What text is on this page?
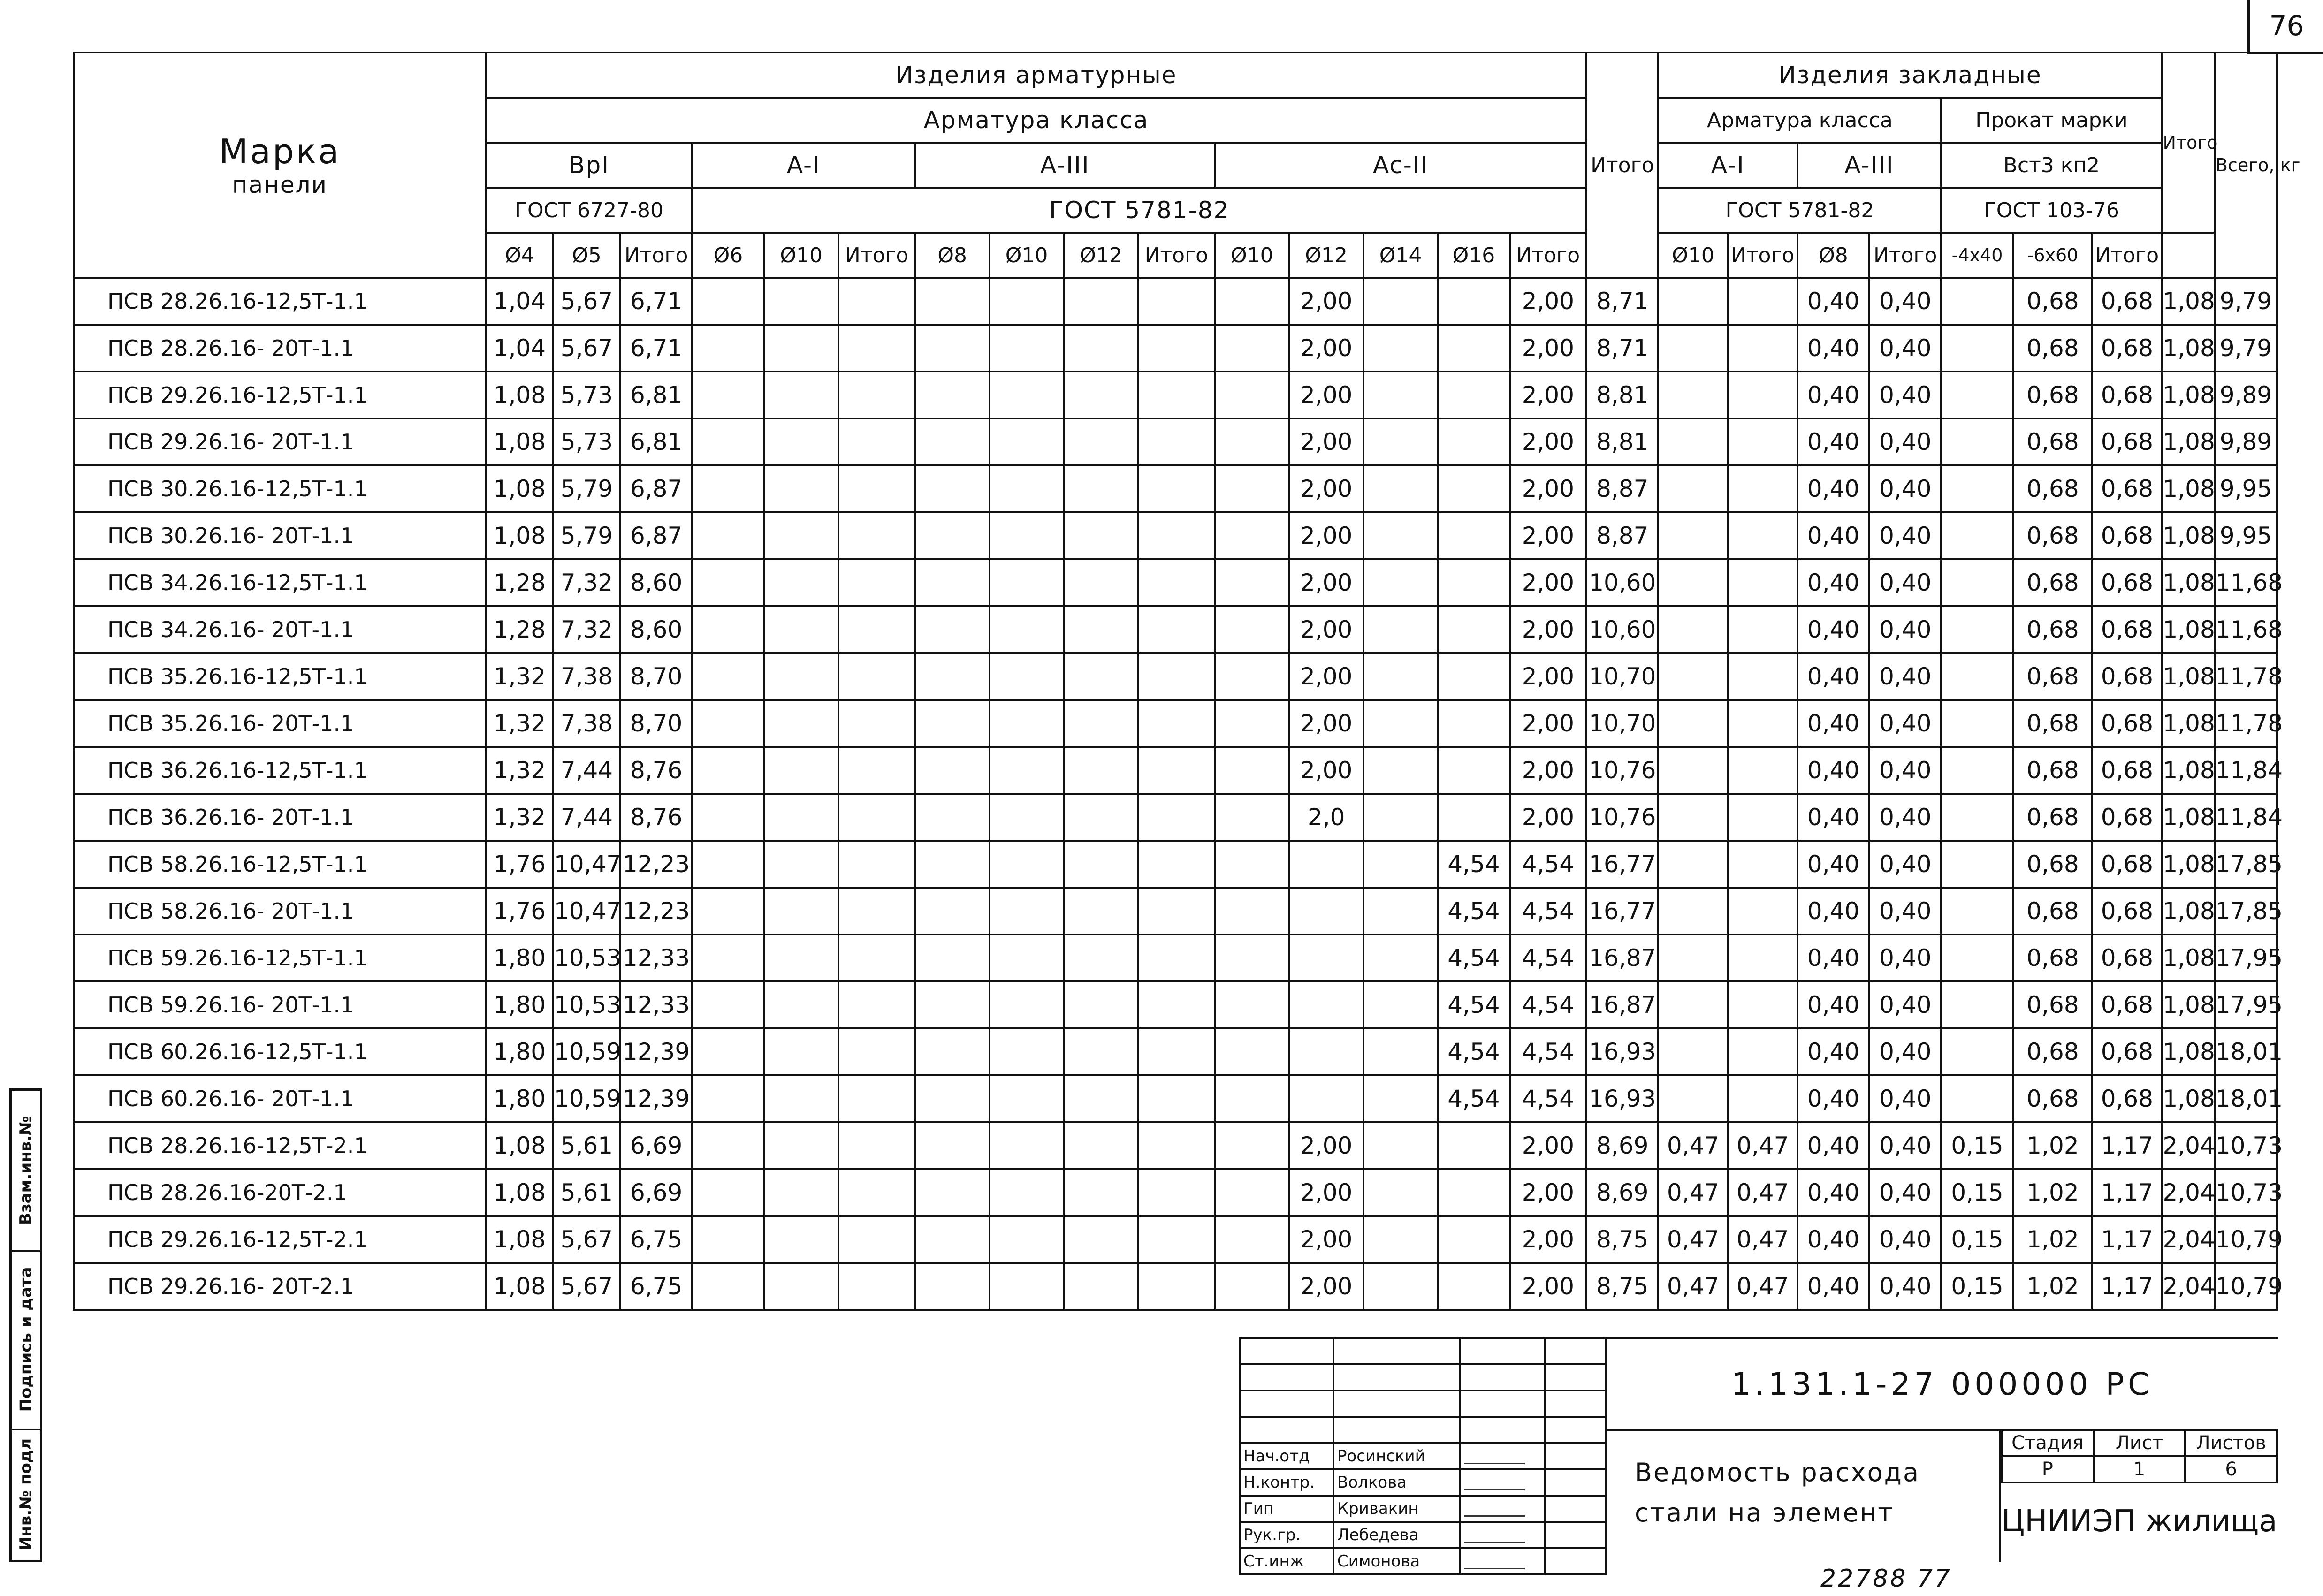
76
Марка
панели	Изделия арматурные															Итого	Изделия закладные							Итого	Всего, кг
	Арматура класса																Арматура класса				Прокат марки				
	BpI			A-I			A-III				Ac-II						A-I		A-III		Вст3 кп2				
	ГОСТ 6727-80			ГОСТ 5781-82													ГОСТ 5781-82				ГОСТ 103-76				
	Ø4	Ø5	Итого	Ø6	Ø10	Итого	Ø8	Ø10	Ø12	Итого	Ø10	Ø12	Ø14	Ø16	Итого		Ø10	Итого	Ø8	Итого	-4x40	-6x60	Итого		
ПСВ 28.26.16-12,5Т-1.1	1,04	5,67	6,71									2,00			2,00	8,71			0,40	0,40		0,68	0,68	1,08	9,79
ПСВ 28.26.16- 20Т-1.1	1,04	5,67	6,71									2,00			2,00	8,71			0,40	0,40		0,68	0,68	1,08	9,79
ПСВ 29.26.16-12,5Т-1.1	1,08	5,73	6,81									2,00			2,00	8,81			0,40	0,40		0,68	0,68	1,08	9,89
ПСВ 29.26.16- 20Т-1.1	1,08	5,73	6,81									2,00			2,00	8,81			0,40	0,40		0,68	0,68	1,08	9,89
ПСВ 30.26.16-12,5Т-1.1	1,08	5,79	6,87									2,00			2,00	8,87			0,40	0,40		0,68	0,68	1,08	9,95
ПСВ 30.26.16- 20Т-1.1	1,08	5,79	6,87									2,00			2,00	8,87			0,40	0,40		0,68	0,68	1,08	9,95
ПСВ 34.26.16-12,5Т-1.1	1,28	7,32	8,60									2,00			2,00	10,60			0,40	0,40		0,68	0,68	1,08	11,68
ПСВ 34.26.16- 20Т-1.1	1,28	7,32	8,60									2,00			2,00	10,60			0,40	0,40		0,68	0,68	1,08	11,68
ПСВ 35.26.16-12,5Т-1.1	1,32	7,38	8,70									2,00			2,00	10,70			0,40	0,40		0,68	0,68	1,08	11,78
ПСВ 35.26.16- 20Т-1.1	1,32	7,38	8,70									2,00			2,00	10,70			0,40	0,40		0,68	0,68	1,08	11,78
ПСВ 36.26.16-12,5Т-1.1	1,32	7,44	8,76									2,00			2,00	10,76			0,40	0,40		0,68	0,68	1,08	11,84
ПСВ 36.26.16- 20Т-1.1	1,32	7,44	8,76									2,0			2,00	10,76			0,40	0,40		0,68	0,68	1,08	11,84
ПСВ 58.26.16-12,5Т-1.1	1,76	10,47	12,23											4,54	4,54	16,77			0,40	0,40		0,68	0,68	1,08	17,85
ПСВ 58.26.16- 20Т-1.1	1,76	10,47	12,23											4,54	4,54	16,77			0,40	0,40		0,68	0,68	1,08	17,85
ПСВ 59.26.16-12,5Т-1.1	1,80	10,53	12,33											4,54	4,54	16,87			0,40	0,40		0,68	0,68	1,08	17,95
ПСВ 59.26.16- 20Т-1.1	1,80	10,53	12,33											4,54	4,54	16,87			0,40	0,40		0,68	0,68	1,08	17,95
ПСВ 60.26.16-12,5Т-1.1	1,80	10,59	12,39											4,54	4,54	16,93			0,40	0,40		0,68	0,68	1,08	18,01
ПСВ 60.26.16- 20Т-1.1	1,80	10,59	12,39											4,54	4,54	16,93			0,40	0,40		0,68	0,68	1,08	18,01
ПСВ 28.26.16-12,5Т-2.1	1,08	5,61	6,69									2,00			2,00	8,69	0,47	0,47	0,40	0,40	0,15	1,02	1,17	2,04	10,73
ПСВ 28.26.16-20Т-2.1	1,08	5,61	6,69									2,00			2,00	8,69	0,47	0,47	0,40	0,40	0,15	1,02	1,17	2,04	10,73
ПСВ 29.26.16-12,5Т-2.1	1,08	5,67	6,75									2,00			2,00	8,75	0,47	0,47	0,40	0,40	0,15	1,02	1,17	2,04	10,79
ПСВ 29.26.16- 20Т-2.1	1,08	5,67	6,75									2,00			2,00	8,75	0,47	0,47	0,40	0,40	0,15	1,02	1,17	2,04	10,79
Взам.инв.№
Подпись и дата
Инв.№ подл

				Нач.отд	Росинский		
Н.контр.	Волкова		
Гип	Кривакин		
Рук.гр.	Лебедева		
Ст.инж	Симонова		
1.131.1-27 000000 РС
Ведомость расхода
стали на элемент
Стадия	Лист	Листов
Р	1	6
ЦНИИЭП жилища
22788 77
